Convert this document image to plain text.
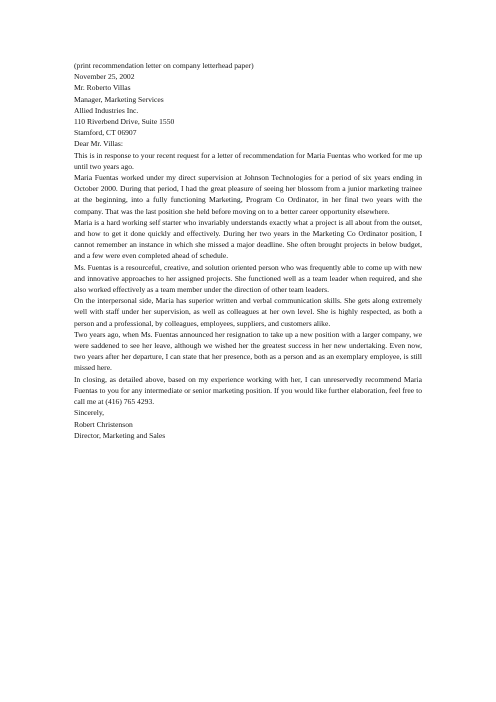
(print recommendation letter on company letterhead paper)
November 25, 2002
Mr. Roberto Villas
Manager, Marketing Services
Allied Industries Inc.
110 Riverbend Drive, Suite 1550
Stamford, CT 06907
Dear Mr. Villas:

This is in response to your recent request for a letter of recommendation for Maria Fuentas who worked for me up until two years ago.

Maria Fuentas worked under my direct supervision at Johnson Technologies for a period of six years ending in October 2000. During that period, I had the great pleasure of seeing her blossom from a junior marketing trainee at the beginning, into a fully functioning Marketing, Program Co Ordinator, in her final two years with the company. That was the last position she held before moving on to a better career opportunity elsewhere.

Maria is a hard working self starter who invariably understands exactly what a project is all about from the outset, and how to get it done quickly and effectively. During her two years in the Marketing Co Ordinator position, I cannot remember an instance in which she missed a major deadline. She often brought projects in below budget, and a few were even completed ahead of schedule.

Ms. Fuentas is a resourceful, creative, and solution oriented person who was frequently able to come up with new and innovative approaches to her assigned projects. She functioned well as a team leader when required, and she also worked effectively as a team member under the direction of other team leaders.

On the interpersonal side, Maria has superior written and verbal communication skills. She gets along extremely well with staff under her supervision, as well as colleagues at her own level. She is highly respected, as both a person and a professional, by colleagues, employees, suppliers, and customers alike.

Two years ago, when Ms. Fuentas announced her resignation to take up a new position with a larger company, we were saddened to see her leave, although we wished her the greatest success in her new undertaking. Even now, two years after her departure, I can state that her presence, both as a person and as an exemplary employee, is still missed here.

In closing, as detailed above, based on my experience working with her, I can unreservedly recommend Maria Fuentas to you for any intermediate or senior marketing position. If you would like further elaboration, feel free to call me at (416) 765 4293.

Sincerely,
Robert Christenson
Director, Marketing and Sales
